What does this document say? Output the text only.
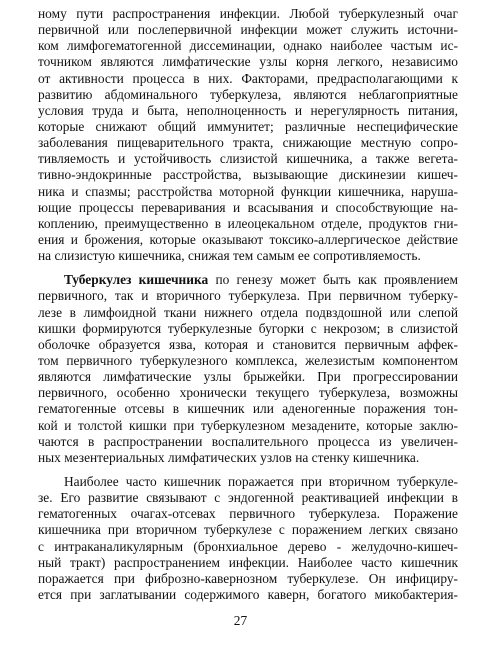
ному пути распространения инфекции. Любой туберкулезный очаг
первичной или послепервичной инфекции может служить источни-
ком лимфогематогенной диссеминации, однако наиболее частым ис-
точником являются лимфатические узлы корня легкого, независимо
от активности процесса в них. Факторами, предрасполагающими к
развитию абдоминального туберкулеза, являются неблагоприятные
условия труда и быта, неполноценность и нерегулярность питания,
которые снижают общий иммунитет; различные неспецифические
заболевания пищеварительного тракта, снижающие местную сопро-
тивляемость и устойчивость слизистой кишечника, а также вегета-
тивно-эндокринные расстройства, вызывающие дискинезии кишеч-
ника и спазмы; расстройства моторной функции кишечника, наруша-
ющие процессы переваривания и всасывания и способствующие на-
коплению, преимущественно в илеоцекальном отделе, продуктов гни-
ения и брожения, которые оказывают токсико-аллергическое действие
на слизистую кишечника, снижая тем самым ее сопротивляемость.
Туберкулез кишечника по генезу может быть как проявлением
первичного, так и вторичного туберкулеза. При первичном туберку-
лезе в лимфоидной ткани нижнего отдела подвздошной или слепой
кишки формируются туберкулезные бугорки с некрозом; в слизистой
оболочке образуется язва, которая и становится первичным аффек-
том первичного туберкулезного комплекса, железистым компонентом
являются лимфатические узлы брыжейки. При прогрессировании
первичного, особенно хронически текущего туберкулеза, возможны
гематогенные отсевы в кишечник или аденогенные поражения тон-
кой и толстой кишки при туберкулезном мезадените, которые заклю-
чаются в распространении воспалительного процесса из увеличен-
ных мезентериальных лимфатических узлов на стенку кишечника.
Наиболее часто кишечник поражается при вторичном туберкуле-
зе. Его развитие связывают с эндогенной реактивацией инфекции в
гематогенных очагах-отсевах первичного туберкулеза. Поражение
кишечника при вторичном туберкулезе с поражением легких связано
с интраканаликулярным (бронхиальное дерево - желудочно-кишеч-
ный тракт) распространением инфекции. Наиболее часто кишечник
поражается при фиброзно-кавернозном туберкулезе. Он инфициру-
ется при заглатывании содержимого каверн, богатого микобактерия-
27
